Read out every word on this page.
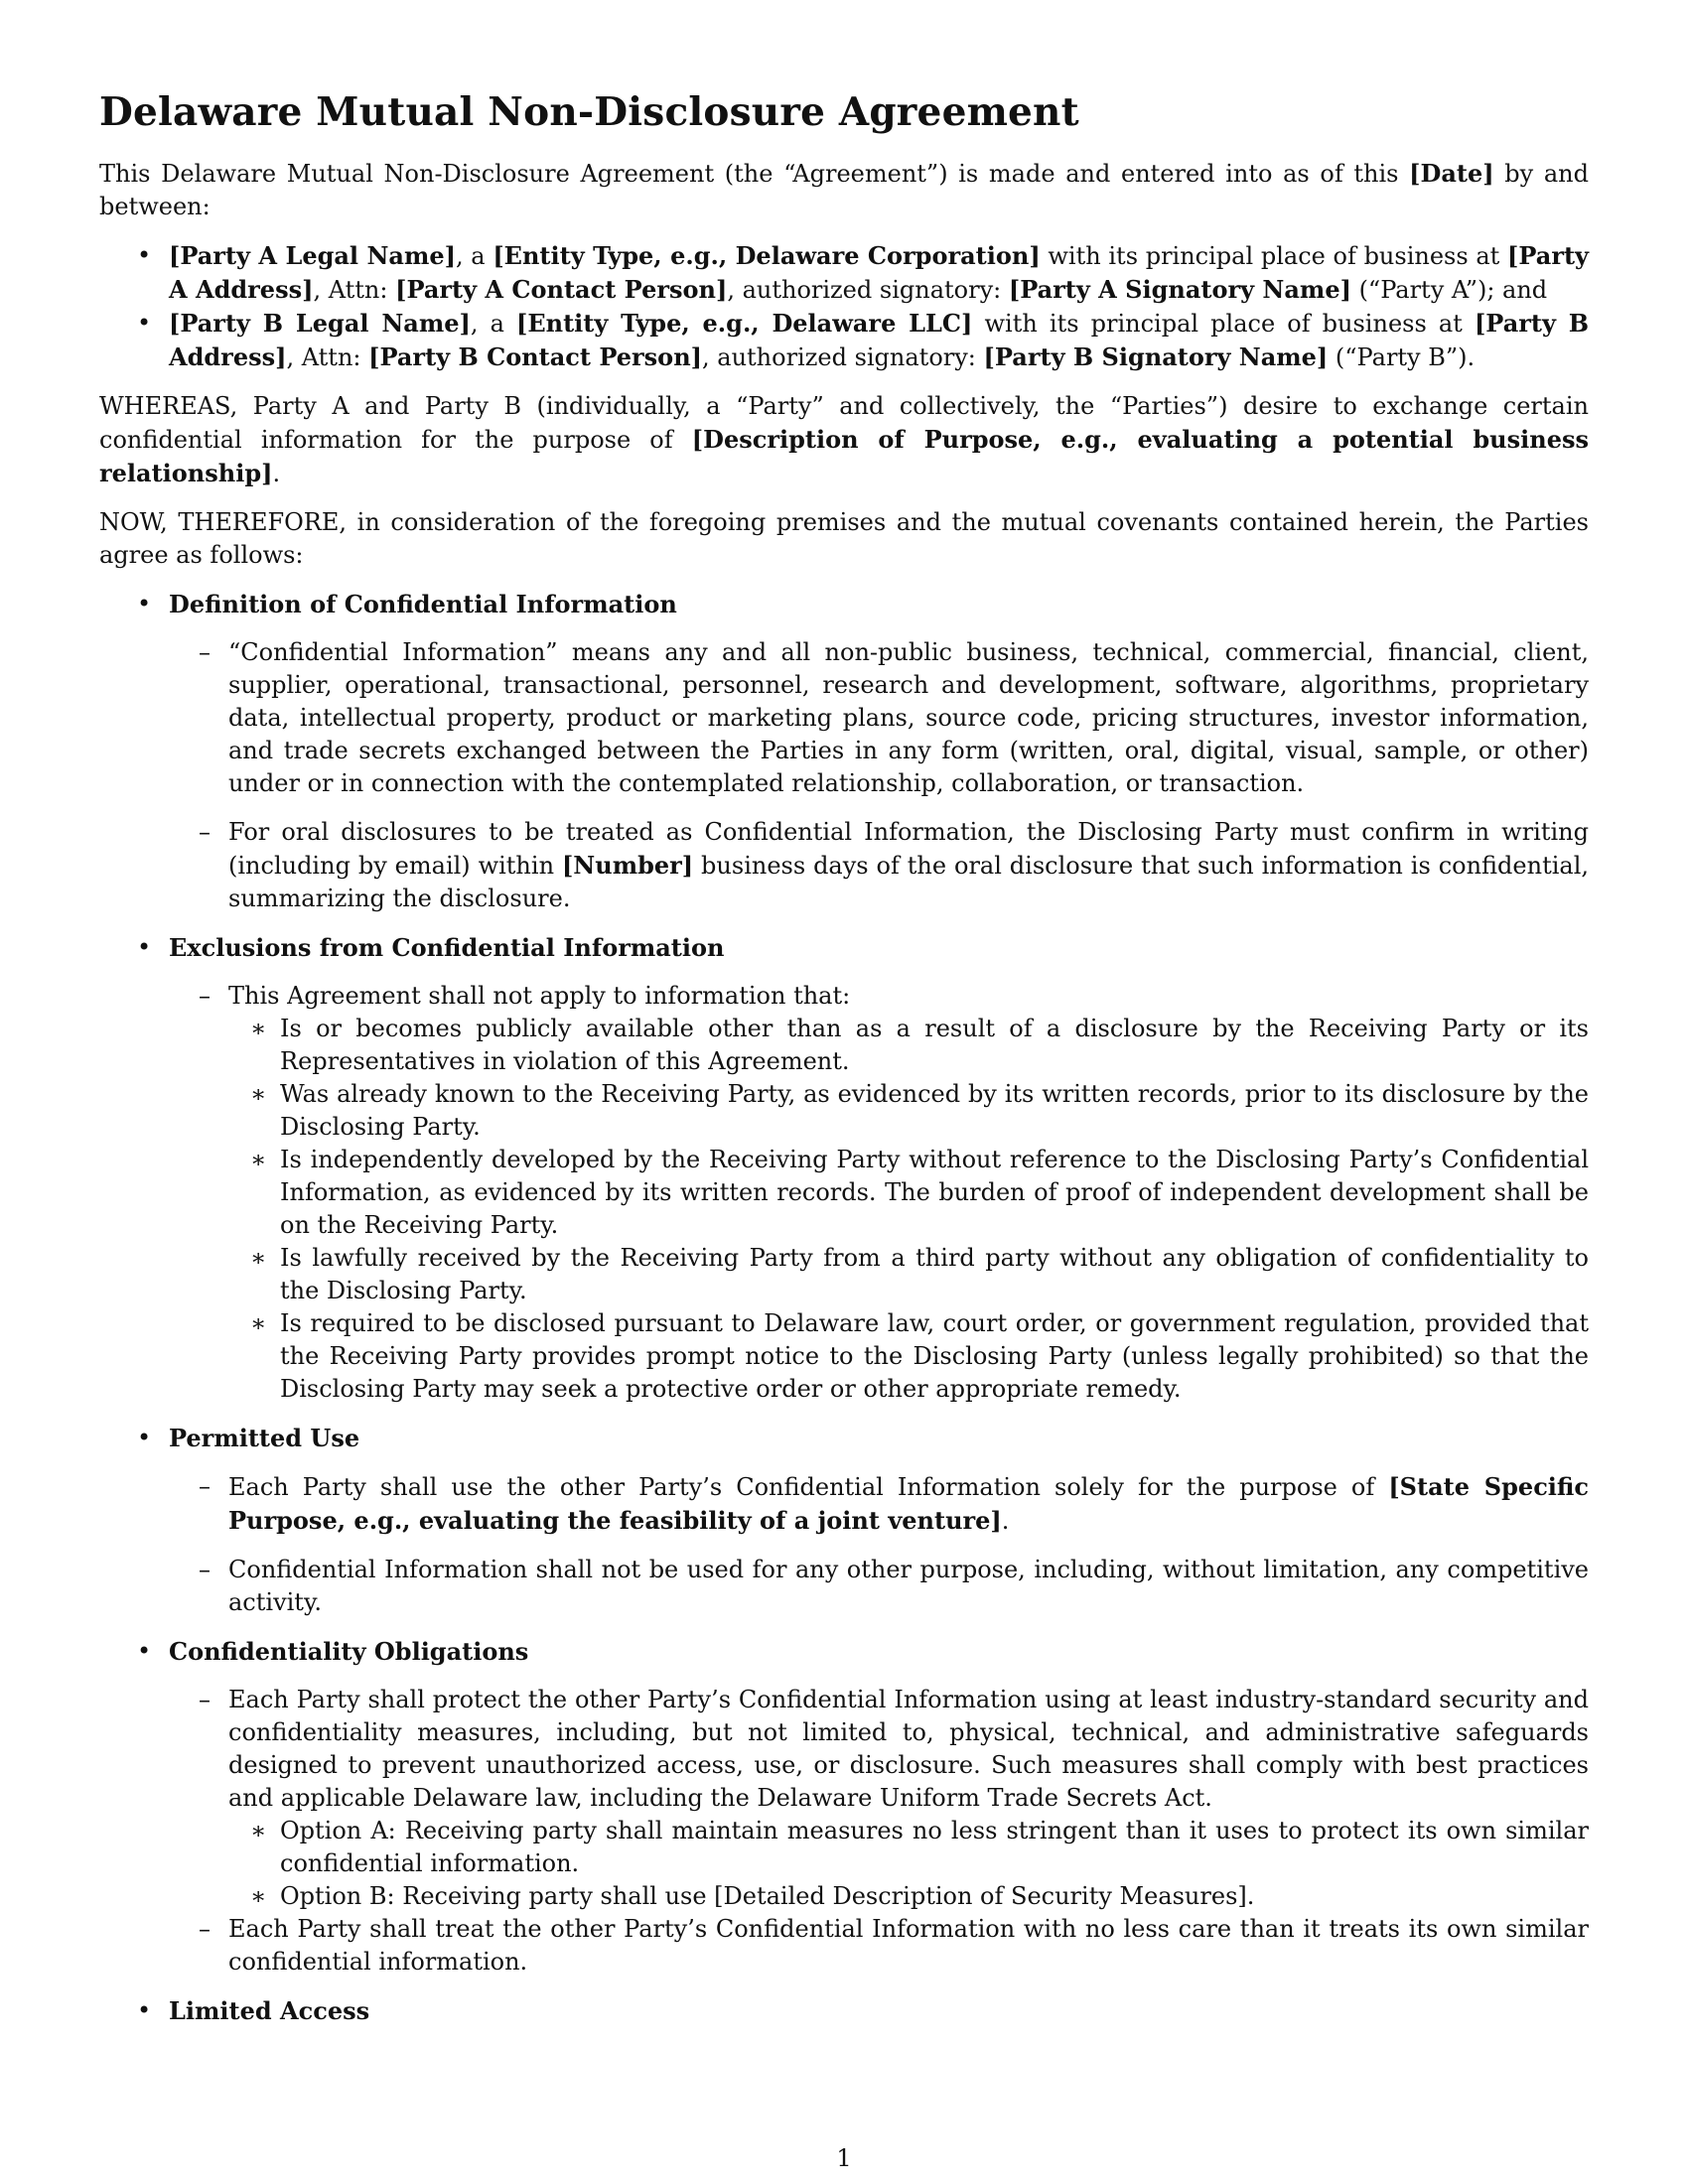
Delaware Mutual Non-Disclosure Agreement

This Delaware Mutual Non-Disclosure Agreement (the “Agreement”) is made and entered into as of this [Date] by and between:

• [Party A Legal Name], a [Entity Type, e.g., Delaware Corporation] with its principal place of business at [Party A Address], Attn: [Party A Contact Person], authorized signatory: [Party A Signatory Name] (“Party A”); and
• [Party B Legal Name], a [Entity Type, e.g., Delaware LLC] with its principal place of business at [Party B Address], Attn: [Party B Contact Person], authorized signatory: [Party B Signatory Name] (“Party B”).

WHEREAS, Party A and Party B (individually, a “Party” and collectively, the “Parties”) desire to exchange certain confidential information for the purpose of [Description of Purpose, e.g., evaluating a potential business relationship].

NOW, THEREFORE, in consideration of the foregoing premises and the mutual covenants contained herein, the Parties agree as follows:

• Definition of Confidential Information
– “Confidential Information” means any and all non-public business, technical, commercial, financial, client, supplier, operational, transactional, personnel, research and development, software, algorithms, proprietary data, intellectual property, product or marketing plans, source code, pricing structures, investor information, and trade secrets exchanged between the Parties in any form (written, oral, digital, visual, sample, or other) under or in connection with the contemplated relationship, collaboration, or transaction.
– For oral disclosures to be treated as Confidential Information, the Disclosing Party must confirm in writing (including by email) within [Number] business days of the oral disclosure that such information is confidential, summarizing the disclosure.
• Exclusions from Confidential Information
– This Agreement shall not apply to information that:
∗ Is or becomes publicly available other than as a result of a disclosure by the Receiving Party or its Representatives in violation of this Agreement.
∗ Was already known to the Receiving Party, as evidenced by its written records, prior to its disclosure by the Disclosing Party.
∗ Is independently developed by the Receiving Party without reference to the Disclosing Party’s Confidential Information, as evidenced by its written records. The burden of proof of independent development shall be on the Receiving Party.
∗ Is lawfully received by the Receiving Party from a third party without any obligation of confidentiality to the Disclosing Party.
∗ Is required to be disclosed pursuant to Delaware law, court order, or government regulation, provided that the Receiving Party provides prompt notice to the Disclosing Party (unless legally prohibited) so that the Disclosing Party may seek a protective order or other appropriate remedy.
• Permitted Use
– Each Party shall use the other Party’s Confidential Information solely for the purpose of [State Specific Purpose, e.g., evaluating the feasibility of a joint venture].
– Confidential Information shall not be used for any other purpose, including, without limitation, any competitive activity.
• Confidentiality Obligations
– Each Party shall protect the other Party’s Confidential Information using at least industry-standard security and confidentiality measures, including, but not limited to, physical, technical, and administrative safeguards designed to prevent unauthorized access, use, or disclosure. Such measures shall comply with best practices and applicable Delaware law, including the Delaware Uniform Trade Secrets Act.
∗ Option A: Receiving party shall maintain measures no less stringent than it uses to protect its own similar confidential information.
∗ Option B: Receiving party shall use [Detailed Description of Security Measures].
– Each Party shall treat the other Party’s Confidential Information with no less care than it treats its own similar confidential information.
• Limited Access
1
